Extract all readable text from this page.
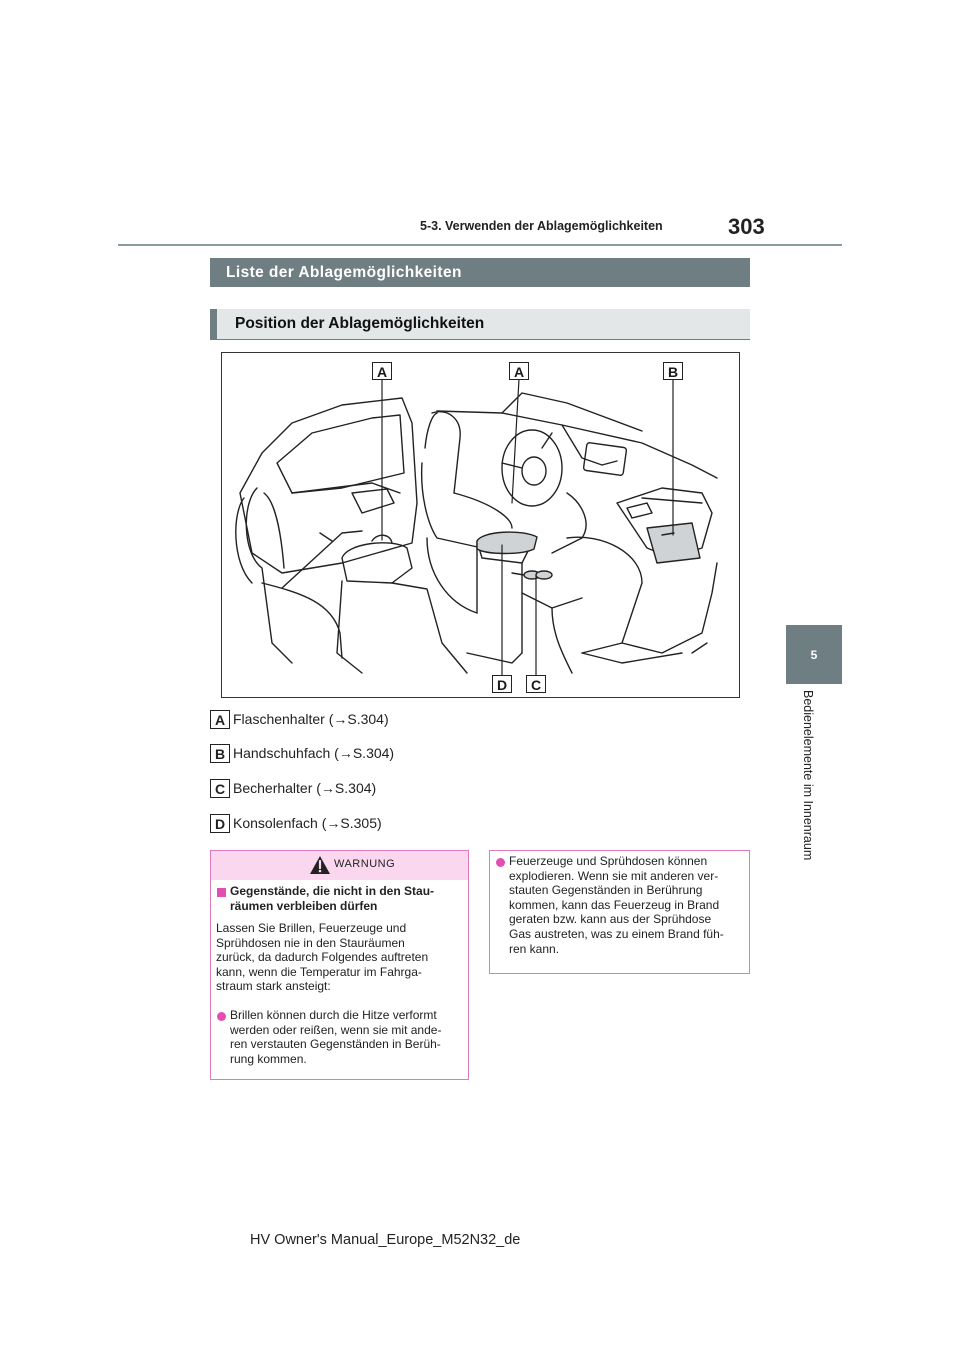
303
5-3. Verwenden der Ablagemöglichkeiten
5
Bedienelemente im Innenraum
Liste der Ablagemöglichkeiten
Position der Ablagemöglichkeiten
A	A	B
D	C
A Flaschenhalter (→S.304)
B Handschuhfach (→S.304)
C Becherhalter (→S.304)
D Konsolenfach (→S.305)
WARNUNG
Gegenstände, die nicht in den Stau-
räumen verbleiben dürfen
Lassen Sie Brillen, Feuerzeuge und
Sprühdosen nie in den Stauräumen
zurück, da dadurch Folgendes auftreten
kann, wenn die Temperatur im Fahrga-
straum stark ansteigt:
Brillen können durch die Hitze verformt
werden oder reißen, wenn sie mit ande-
ren verstauten Gegenständen in Berüh-
rung kommen.
Feuerzeuge und Sprühdosen können
explodieren. Wenn sie mit anderen ver-
stauten Gegenständen in Berührung
kommen, kann das Feuerzeug in Brand
geraten bzw. kann aus der Sprühdose
Gas austreten, was zu einem Brand füh-
ren kann.
HV Owner's Manual_Europe_M52N32_de
